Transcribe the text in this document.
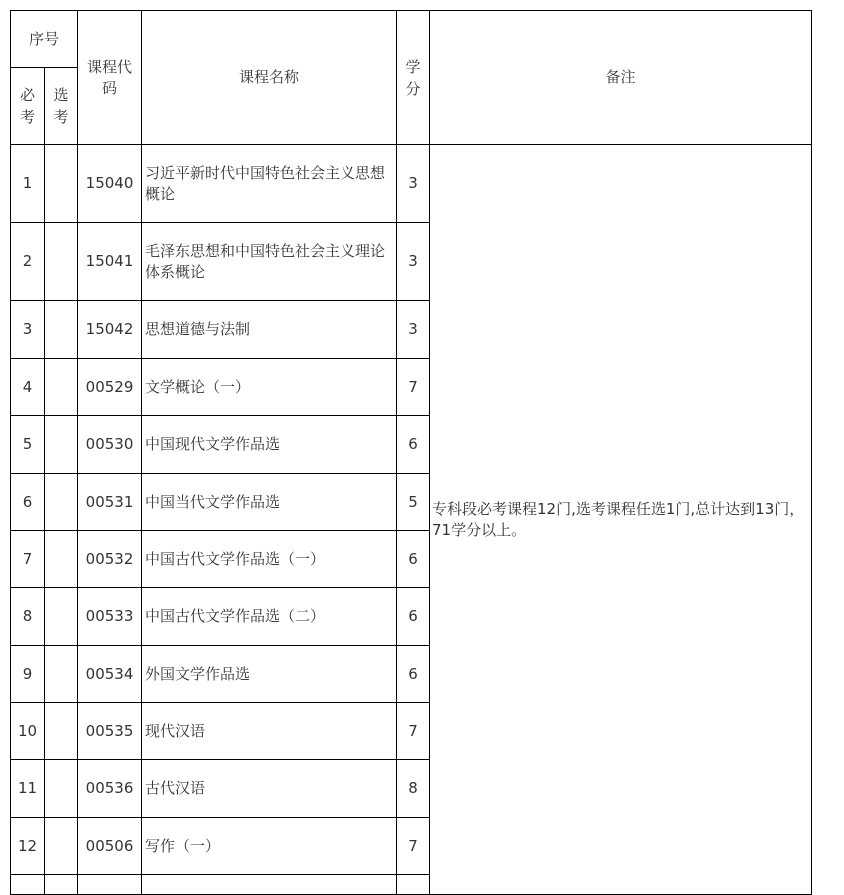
序号		课程代码	课程名称	学分	备注
必考	选考				
1		15040	习近平新时代中国特色社会主义思想概论	3	专科段必考课程12门,选考课程任选1门,总计达到13门，71学分以上。
2		15041	毛泽东思想和中国特色社会主义理论体系概论	3	
3		15042	思想道德与法制	3	
4		00529	文学概论（一）	7	
5		00530	中国现代文学作品选	6	
6		00531	中国当代文学作品选	5	
7		00532	中国古代文学作品选（一）	6	
8		00533	中国古代文学作品选（二）	6	
9		00534	外国文学作品选	6	
10		00535	现代汉语	7	
11		00536	古代汉语	8	
12		00506	写作（一）	7	
